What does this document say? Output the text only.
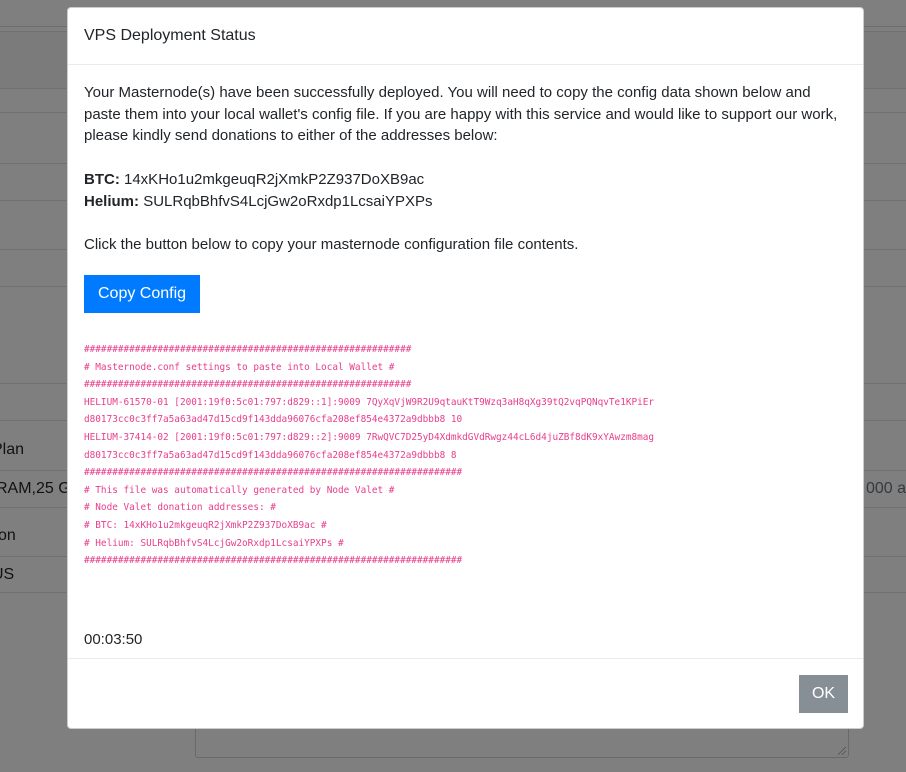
VPS Deployment Status

Your Masternode(s) have been successfully deployed. You will need to copy the config data shown below and paste them into your local wallet's config file. If you are happy with this service and would like to support our work, please kindly send donations to either of the addresses below:

BTC: 14xKHo1u2mkgeuqR2jXmkP2Z937DoXB9ac

Helium: SULRqbBhfvS4LcjGw2oRxdp1LcsaiYPXPs

Click the button below to copy your masternode configuration file contents.

Copy Config
##########################################################
# Masternode.conf settings to paste into Local Wallet #
##########################################################
HELIUM-61570-01 [2001:19f0:5c01:797:d829::1]:9009 7QyXqVjW9R2U9qtauKtT9Wzq3aH8qXg39tQ2vqPQNqvTe1KPiEr
d80173cc0c3ff7a5a63ad47d15cd9f143dda96076cfa208ef854e4372a9dbbb8 10
HELIUM-37414-02 [2001:19f0:5c01:797:d829::2]:9009 7RwQVC7D25yD4XdmkdGVdRwgz44cL6d4juZBf8dK9xYAwzm8mag
d80173cc0c3ff7a5a63ad47d15cd9f143dda96076cfa208ef854e4372a9dbbb8 8
###################################################################
# This file was automatically generated by Node Valet #
# Node Valet donation addresses: #
# BTC: 14xKHo1u2mkgeuqR2jXmkP2Z937DoXB9ac #
# Helium: SULRqbBhfvS4LcjGw2oRxdp1LcsaiYPXPs #
###################################################################

00:03:50
OK
